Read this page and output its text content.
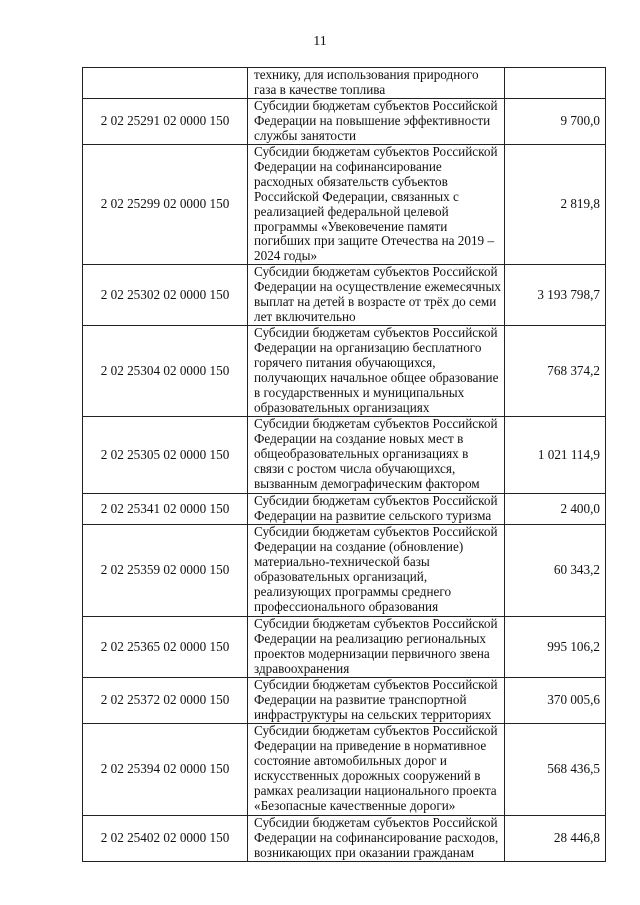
11
	технику, для использования природного газа в качестве топлива	
2 02 25291 02 0000 150	Субсидии бюджетам субъектов Российской Федерации на повышение эффективности службы занятости	9 700,0
2 02 25299 02 0000 150	Субсидии бюджетам субъектов Российской Федерации на софинансирование расходных обязательств субъектов Российской Федерации, связанных с реализацией федеральной целевой программы «Увековечение памяти погибших при защите Отечества на 2019 – 2024 годы»	2 819,8
2 02 25302 02 0000 150	Субсидии бюджетам субъектов Российской Федерации на осуществление ежемесячных выплат на детей в возрасте от трёх до семи лет включительно	3 193 798,7
2 02 25304 02 0000 150	Субсидии бюджетам субъектов Российской Федерации на организацию бесплатного горячего питания обучающихся, получающих начальное общее образование в государственных и муниципальных образовательных организациях	768 374,2
2 02 25305 02 0000 150	Субсидии бюджетам субъектов Российской Федерации на создание новых мест в общеобразовательных организациях в связи с ростом числа обучающихся, вызванным демографическим фактором	1 021 114,9
2 02 25341 02 0000 150	Субсидии бюджетам субъектов Российской Федерации на развитие сельского туризма	2 400,0
2 02 25359 02 0000 150	Субсидии бюджетам субъектов Российской Федерации на создание (обновление) материально-технической базы образовательных организаций, реализующих программы среднего профессионального образования	60 343,2
2 02 25365 02 0000 150	Субсидии бюджетам субъектов Российской Федерации на реализацию региональных проектов модернизации первичного звена здравоохранения	995 106,2
2 02 25372 02 0000 150	Субсидии бюджетам субъектов Российской Федерации на развитие транспортной инфраструктуры на сельских территориях	370 005,6
2 02 25394 02 0000 150	Субсидии бюджетам субъектов Российской Федерации на приведение в нормативное состояние автомобильных дорог и искусственных дорожных сооружений в рамках реализации национального проекта «Безопасные качественные дороги»	568 436,5
2 02 25402 02 0000 150	Субсидии бюджетам субъектов Российской Федерации на софинансирование расходов, возникающих при оказании гражданам	28 446,8
